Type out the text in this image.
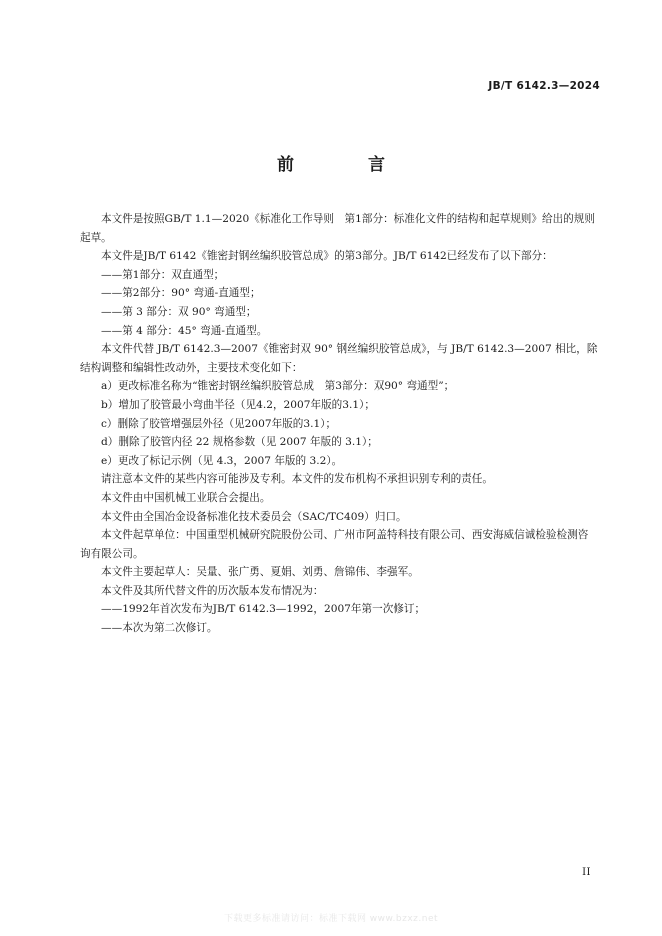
JB/T 6142.3—2024
前 言

本文件是按照GB/T 1.1—2020《标准化工作导则　第1部分：标准化文件的结构和起草规则》给出的规则起草。

本文件是JB/T 6142《锥密封钢丝编织胶管总成》的第3部分。JB/T 6142已经发布了以下部分：

——第1部分：双直通型；

——第2部分：90° 弯通-直通型；

——第 3 部分：双 90° 弯通型；

——第 4 部分：45° 弯通-直通型。

本文件代替 JB/T 6142.3—2007《锥密封双 90° 钢丝编织胶管总成》，与 JB/T 6142.3—2007 相比，除结构调整和编辑性改动外，主要技术变化如下：

a）更改标准名称为“锥密封钢丝编织胶管总成　第3部分：双90° 弯通型”；

b）增加了胶管最小弯曲半径（见4.2，2007年版的3.1）；

c）删除了胶管增强层外径（见2007年版的3.1）；

d）删除了胶管内径 22 规格参数（见 2007 年版的 3.1）；

e）更改了标记示例（见 4.3，2007 年版的 3.2）。

请注意本文件的某些内容可能涉及专利。本文件的发布机构不承担识别专利的责任。

本文件由中国机械工业联合会提出。

本文件由全国冶金设备标准化技术委员会（SAC/TC409）归口。

本文件起草单位：中国重型机械研究院股份公司、广州市阿盖特科技有限公司、西安海威信诚检验检测咨询有限公司。

本文件主要起草人：吴量、张广勇、夏娟、刘勇、詹锦伟、李强军。

本文件及其所代替文件的历次版本发布情况为：

——1992年首次发布为JB/T 6142.3—1992，2007年第一次修订；

——本次为第二次修订。

II
下载更多标准请访问：标准下载网 www.bzxz.net
